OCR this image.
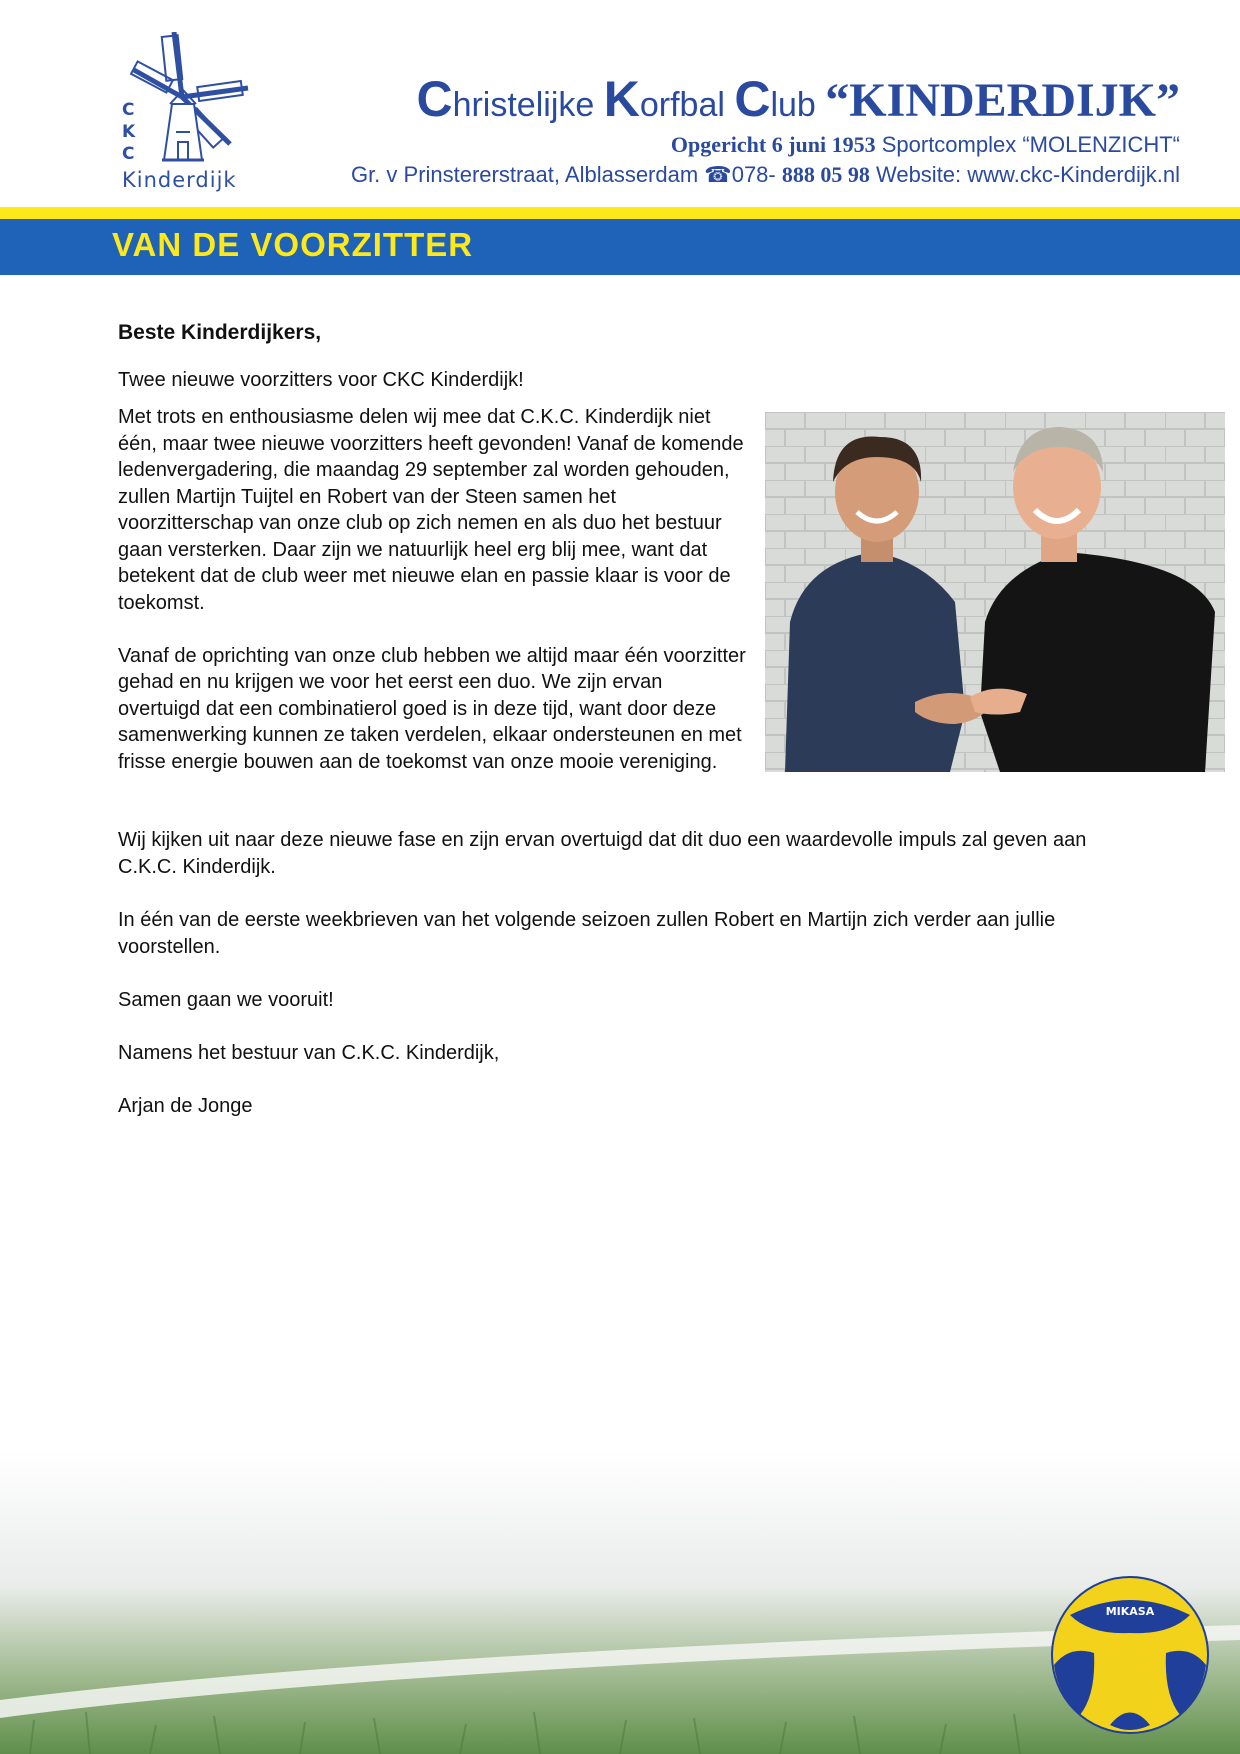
C
K
C
Kinderdijk
Christelijke Korfbal Club “KINDERDIJK”
Opgericht 6 juni 1953 Sportcomplex “MOLENZICHT“
Gr. v Prinstererstraat, Alblasserdam ☎078- 888 05 98 Website: www.ckc-Kinderdijk.nl
VAN DE VOORZITTER
Beste Kinderdijkers,
Twee nieuwe voorzitters voor CKC Kinderdijk!

Met trots en enthousiasme delen wij mee dat C.K.C. Kinderdijk niet één, maar twee nieuwe voorzitters heeft gevonden! Vanaf de komende ledenvergadering, die maandag 29 september zal worden gehouden, zullen Martijn Tuijtel en Robert van der Steen samen het voorzitterschap van onze club op zich nemen en als duo het bestuur gaan versterken. Daar zijn we natuurlijk heel erg blij mee, want dat betekent dat de club weer met nieuwe elan en passie klaar is voor de toekomst.

Vanaf de oprichting van onze club hebben we altijd maar één voorzitter gehad en nu krijgen we voor het eerst een duo. We zijn ervan overtuigd dat een combinatierol goed is in deze tijd, want door deze samenwerking kunnen ze taken verdelen, elkaar ondersteunen en met frisse energie bouwen aan de toekomst van onze mooie vereniging.

Wij kijken uit naar deze nieuwe fase en zijn ervan overtuigd dat dit duo een waardevolle impuls zal geven aan C.K.C. Kinderdijk.

In één van de eerste weekbrieven van het volgende seizoen zullen Robert en Martijn zich verder aan jullie voorstellen.

Samen gaan we vooruit!

Namens het bestuur van C.K.C. Kinderdijk,

Arjan de Jonge

MIKASA
